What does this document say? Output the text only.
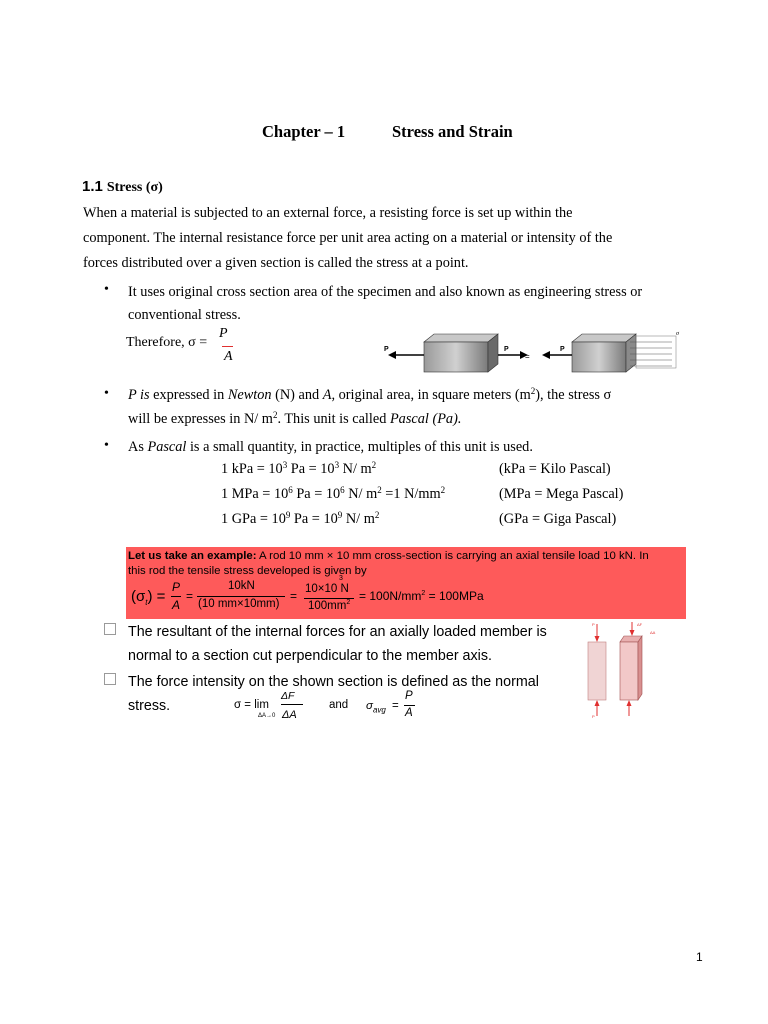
Chapter – 1	Stress and Strain
1.1 Stress (σ)
When a material is subjected to an external force, a resisting force is set up within the
component. The internal resistance force per unit area acting on a material or intensity of the
forces distributed over a given section is called the stress at a point.
• It uses original cross section area of the specimen and also known as engineering stress or
conventional stress.
Therefore, σ =
P
A	P	P
=
P
σ
• P is expressed in Newton (N) and A, original area, in square meters $(m^2)$, the stress σ
will be expresses in N/ $m^2$. This unit is called Pascal (Pa).
• As Pascal is a small quantity, in practice, multiples of this unit is used.
1 kPa = $10^3$ $Pa = 10^3$ N/ $m^2$	(kPa = Kilo Pascal)
1 MPa = $10^6$ $Pa = 10^6$ N/ $m^2 =1$ $N/mm^2$	(MPa = Mega Pascal)
1 GPa = $10^9$ $Pa = 10^9$ N/ $m^2$	(GPa = Giga Pascal)
Let us take an example: A rod 10 mm × 10 mm cross-section is carrying an axial tensile load 10 kN. In
this rod the tensile stress developed is given by
$(\sigma_t)$ =
P
A
=
10kN
(10 mm×10mm)
= 10×10 N
3
$100mm^2 = 100N/mm^2 = 100MPa$
The resultant of the internal forces for an axially loaded member is
normal to a section cut perpendicular to the member axis.
The force intensity on the shown section is defined as the normal
stress.	σ = lim
ΔF
ΔA→0 ΔA
and $\sigma_{avg}$ =
P
A
P
P
ΔF
ΔA
1
